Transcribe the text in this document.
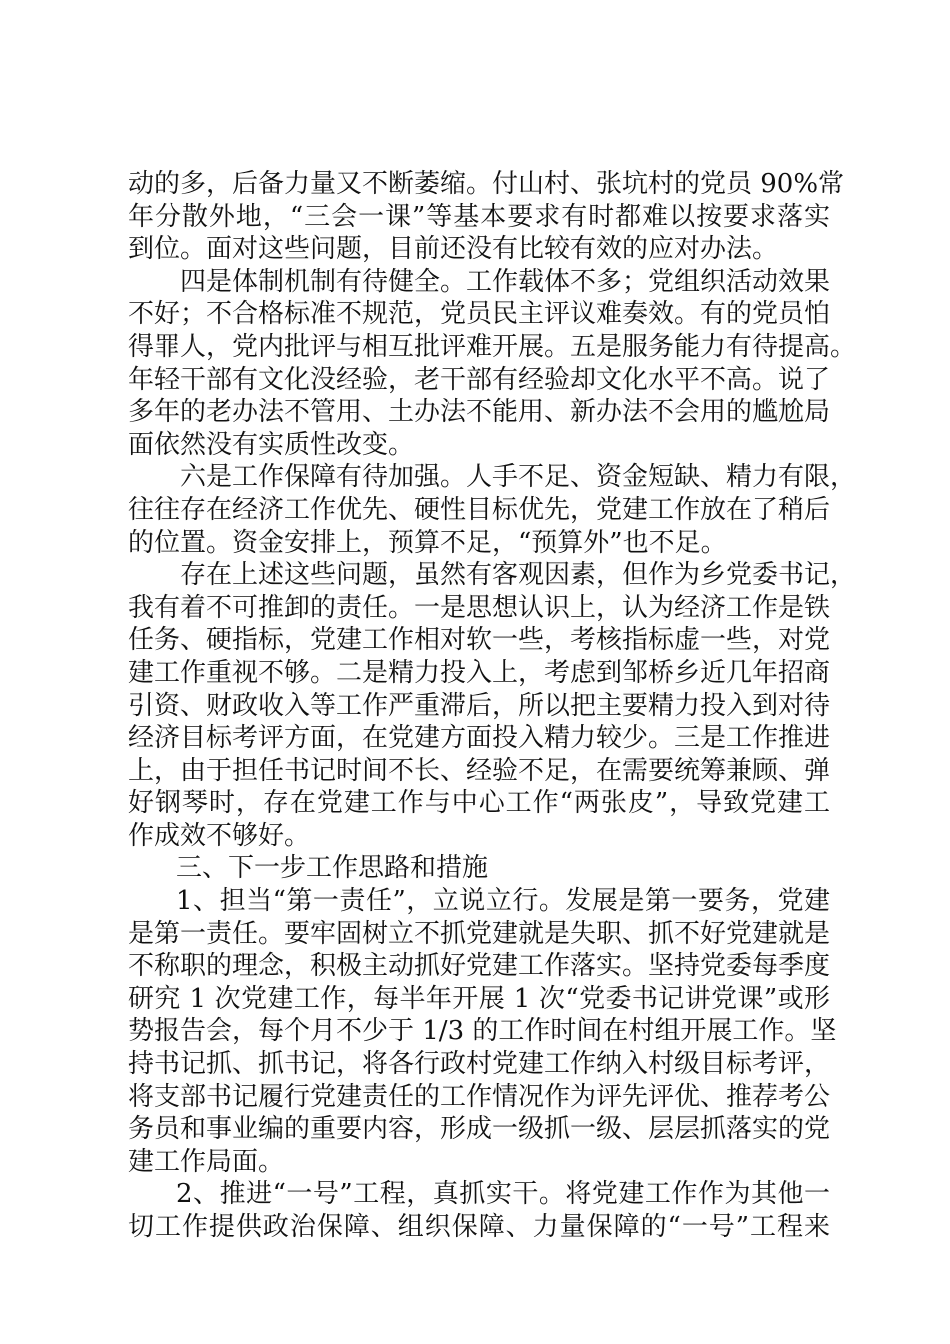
动的多，后备力量又不断萎缩。付山村、张坑村的党员 90%常
年分散外地，“三会一课”等基本要求有时都难以按要求落实
到位。面对这些问题，目前还没有比较有效的应对办法。
四是体制机制有待健全。工作载体不多；党组织活动效果
不好；不合格标准不规范，党员民主评议难奏效。有的党员怕
得罪人，党内批评与相互批评难开展。五是服务能力有待提高。
年轻干部有文化没经验，老干部有经验却文化水平不高。说了
多年的老办法不管用、土办法不能用、新办法不会用的尴尬局
面依然没有实质性改变。
六是工作保障有待加强。人手不足、资金短缺、精力有限，
往往存在经济工作优先、硬性目标优先，党建工作放在了稍后
的位置。资金安排上，预算不足，“预算外”也不足。
存在上述这些问题，虽然有客观因素，但作为乡党委书记，
我有着不可推卸的责任。一是思想认识上，认为经济工作是铁
任务、硬指标，党建工作相对软一些，考核指标虚一些，对党
建工作重视不够。二是精力投入上，考虑到邹桥乡近几年招商
引资、财政收入等工作严重滞后，所以把主要精力投入到对待
经济目标考评方面，在党建方面投入精力较少。三是工作推进
上，由于担任书记时间不长、经验不足，在需要统筹兼顾、弹
好钢琴时，存在党建工作与中心工作“两张皮”，导致党建工
作成效不够好。
三、下一步工作思路和措施
1、担当“第一责任”，立说立行。发展是第一要务，党建
是第一责任。要牢固树立不抓党建就是失职、抓不好党建就是
不称职的理念，积极主动抓好党建工作落实。坚持党委每季度
研究 1 次党建工作，每半年开展 1 次“党委书记讲党课”或形
势报告会，每个月不少于 1/3 的工作时间在村组开展工作。坚
持书记抓、抓书记，将各行政村党建工作纳入村级目标考评，
将支部书记履行党建责任的工作情况作为评先评优、推荐考公
务员和事业编的重要内容，形成一级抓一级、层层抓落实的党
建工作局面。
2、推进“一号”工程，真抓实干。将党建工作作为其他一
切工作提供政治保障、组织保障、力量保障的“一号”工程来
